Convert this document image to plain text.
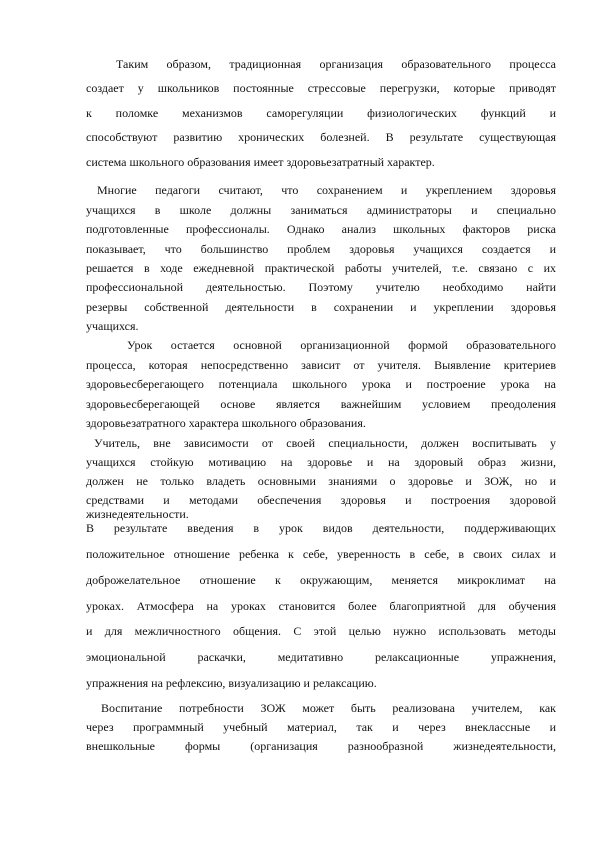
Таким образом, традиционная организация образовательного процесса
создает у школьников постоянные стрессовые перегрузки, которые приводят
к поломке механизмов саморегуляции физиологических функций и
способствуют развитию хронических болезней. В результате существующая
система школьного образования имеет здоровьезатратный характер.
Многие педагоги считают, что сохранением и укреплением здоровья
учащихся в школе должны заниматься администраторы и специально
подготовленные профессионалы. Однако анализ школьных факторов риска
показывает, что большинство проблем здоровья учащихся создается и
решается в ходе ежедневной практической работы учителей, т.е. связано с их
профессиональной деятельностью. Поэтому учителю необходимо найти
резервы собственной деятельности в сохранении и укреплении здоровья
учащихся.
Урок остается основной организационной формой образовательного
процесса, которая непосредственно зависит от учителя. Выявление критериев
здоровьесберегающего потенциала школьного урока и построение урока на
здоровьесберегающей основе является важнейшим условием преодоления
здоровьезатратного характера школьного образования.
Учитель, вне зависимости от своей специальности, должен воспитывать у
учащихся стойкую мотивацию на здоровье и на здоровый образ жизни,
должен не только владеть основными знаниями о здоровье и ЗОЖ, но и
средствами и методами обеспечения здоровья и построения здоровой
жизнедеятельности.
В результате введения в урок видов деятельности, поддерживающих
положительное отношение ребенка к себе, уверенность в себе, в своих силах и
доброжелательное отношение к окружающим, меняется микроклимат на
уроках. Атмосфера на уроках становится более благоприятной для обучения
и для межличностного общения. С этой целью нужно использовать методы
эмоциональной раскачки, медитативно релаксационные упражнения,
упражнения на рефлексию, визуализацию и релаксацию.
Воспитание потребности ЗОЖ может быть реализована учителем, как
через программный учебный материал, так и через внеклассные и
внешкольные формы (организация разнообразной жизнедеятельности,
